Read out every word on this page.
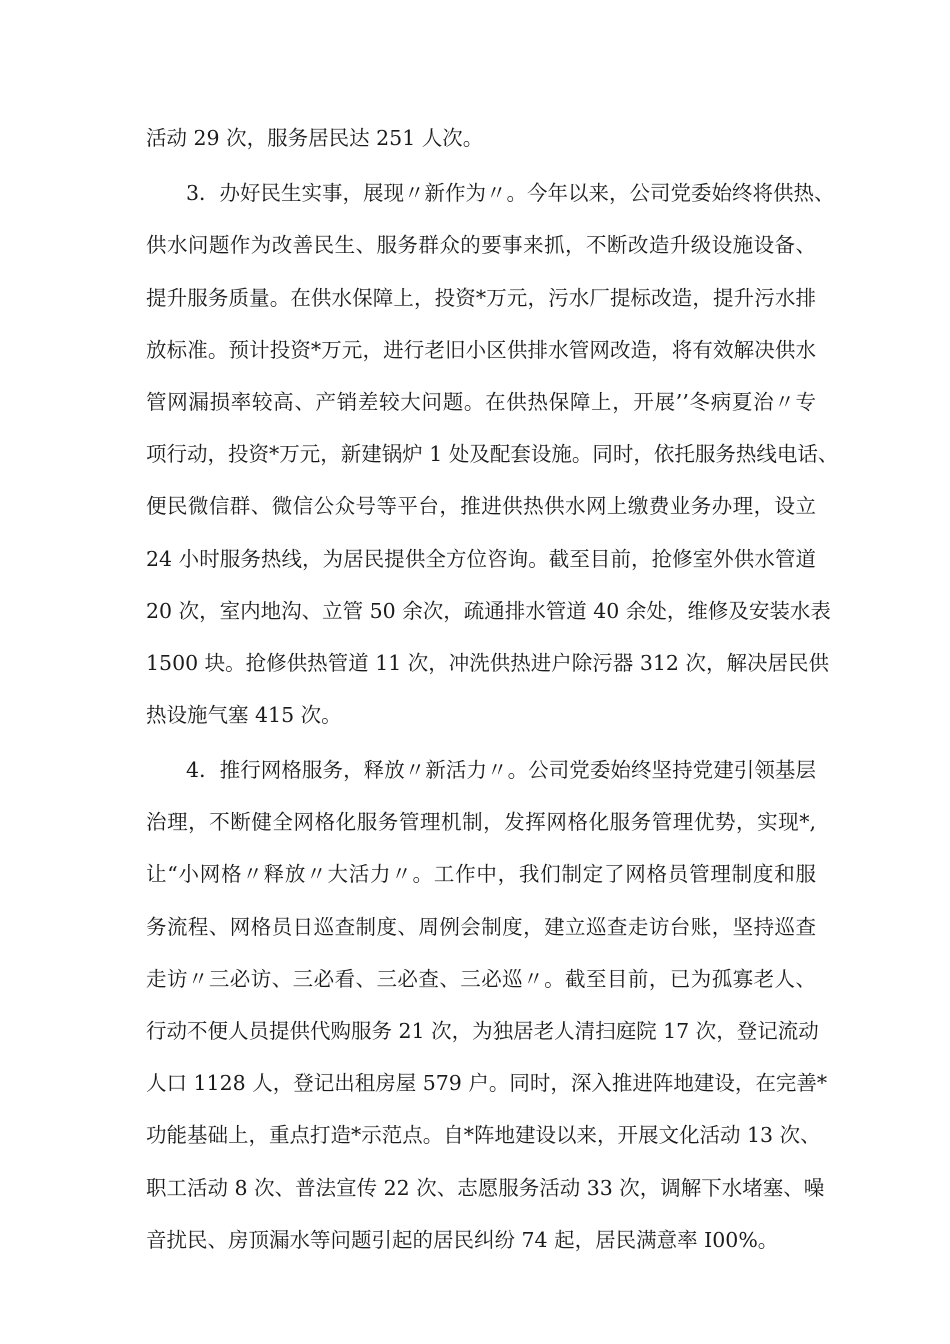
活动 29 次，服务居民达 251 人次。

3．办好民生实事，展现〃新作为〃。今年以来，公司党委始终将供热、

供水问题作为改善民生、服务群众的要事来抓，不断改造升级设施设备、

提升服务质量。在供水保障上，投资*万元，污水厂提标改造，提升污水排

放标准。预计投资*万元，进行老旧小区供排水管网改造，将有效解决供水

管网漏损率较高、产销差较大问题。在供热保障上，开展’’冬病夏治〃专

项行动，投资*万元，新建锅炉 1 处及配套设施。同时，依托服务热线电话、

便民微信群、微信公众号等平台，推进供热供水网上缴费业务办理，设立

24 小时服务热线，为居民提供全方位咨询。截至目前，抢修室外供水管道

20 次，室内地沟、立管 50 余次，疏通排水管道 40 余处，维修及安装水表

1500 块。抢修供热管道 11 次，冲洗供热进户除污器 312 次，解决居民供

热设施气塞 415 次。

4．推行网格服务，释放〃新活力〃。公司党委始终坚持党建引领基层

治理，不断健全网格化服务管理机制，发挥网格化服务管理优势，实现*,

让“小网格〃释放〃大活力〃。工作中，我们制定了网格员管理制度和服

务流程、网格员日巡查制度、周例会制度，建立巡查走访台账，坚持巡查

走访〃三必访、三必看、三必查、三必巡〃。截至目前，已为孤寡老人、

行动不便人员提供代购服务 21 次，为独居老人清扫庭院 17 次，登记流动

人口 1128 人，登记出租房屋 579 户。同时，深入推进阵地建设，在完善*

功能基础上，重点打造*示范点。自*阵地建设以来，开展文化活动 13 次、

职工活动 8 次、普法宣传 22 次、志愿服务活动 33 次，调解下水堵塞、噪

音扰民、房顶漏水等问题引起的居民纠纷 74 起，居民满意率 I00%。
